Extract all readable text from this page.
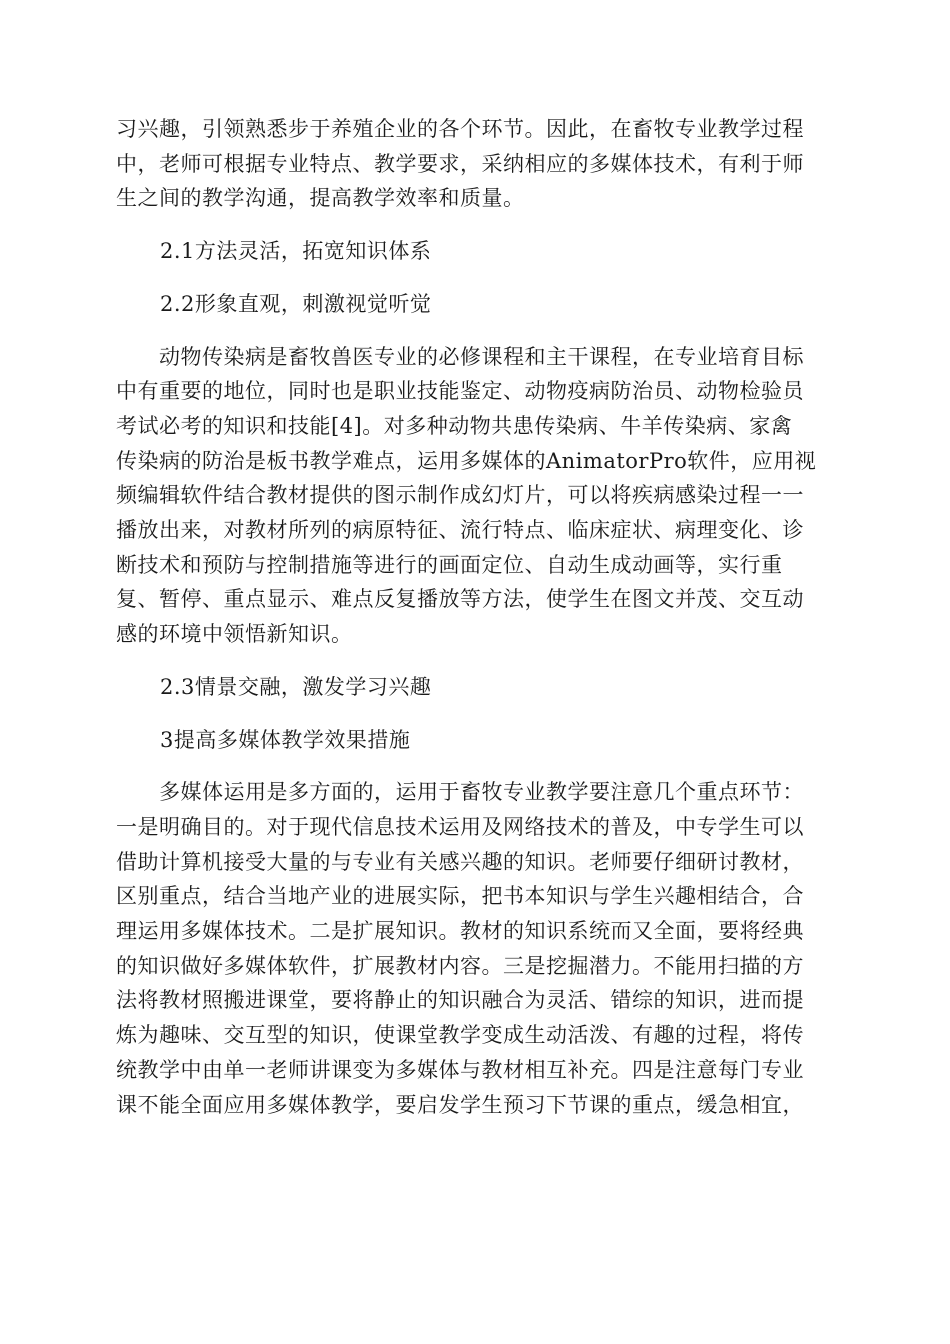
习兴趣，引领熟悉步于养殖企业的各个环节。因此，在畜牧专业教学过程
中，老师可根据专业特点、教学要求，采纳相应的多媒体技术，有利于师
生之间的教学沟通，提高教学效率和质量。
2.1方法灵活，拓宽知识体系
2.2形象直观，刺激视觉听觉
　　动物传染病是畜牧兽医专业的必修课程和主干课程，在专业培育目标
中有重要的地位，同时也是职业技能鉴定、动物疫病防治员、动物检验员
考试必考的知识和技能[4]。对多种动物共患传染病、牛羊传染病、家禽
传染病的防治是板书教学难点，运用多媒体的AnimatorPro软件，应用视
频编辑软件结合教材提供的图示制作成幻灯片，可以将疾病感染过程一一
播放出来，对教材所列的病原特征、流行特点、临床症状、病理变化、诊
断技术和预防与控制措施等进行的画面定位、自动生成动画等，实行重
复、暂停、重点显示、难点反复播放等方法，使学生在图文并茂、交互动
感的环境中领悟新知识。
2.3情景交融，激发学习兴趣
3提高多媒体教学效果措施
　　多媒体运用是多方面的，运用于畜牧专业教学要注意几个重点环节：
一是明确目的。对于现代信息技术运用及网络技术的普及，中专学生可以
借助计算机接受大量的与专业有关感兴趣的知识。老师要仔细研讨教材，
区别重点，结合当地产业的进展实际，把书本知识与学生兴趣相结合，合
理运用多媒体技术。二是扩展知识。教材的知识系统而又全面，要将经典
的知识做好多媒体软件，扩展教材内容。三是挖掘潜力。不能用扫描的方
法将教材照搬进课堂，要将静止的知识融合为灵活、错综的知识，进而提
炼为趣味、交互型的知识，使课堂教学变成生动活泼、有趣的过程，将传
统教学中由单一老师讲课变为多媒体与教材相互补充。四是注意每门专业
课不能全面应用多媒体教学，要启发学生预习下节课的重点，缓急相宜，
